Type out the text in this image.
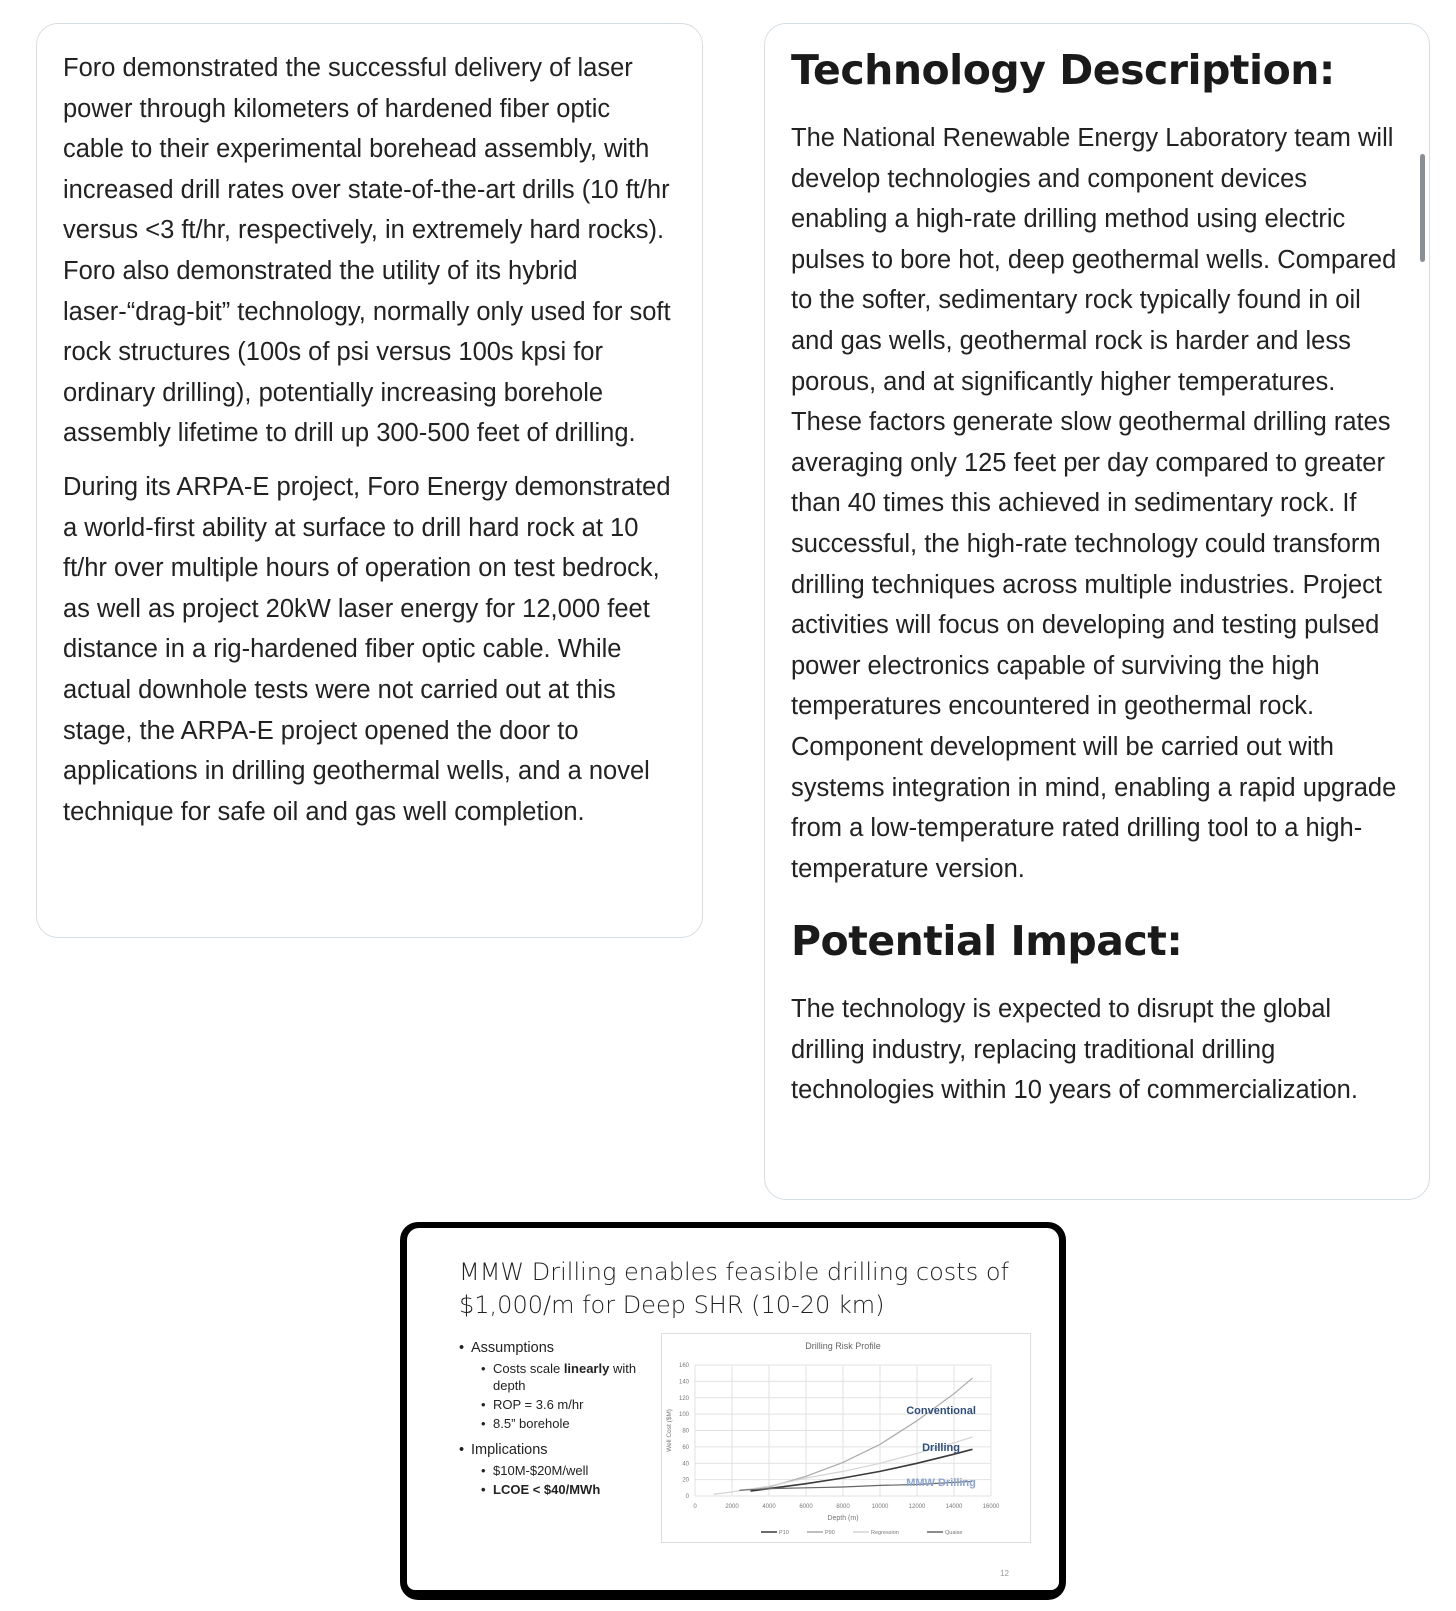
Foro demonstrated the successful delivery of laser power through kilometers of hardened fiber optic cable to their experimental borehead assembly, with increased drill rates over state-of-the-art drills (10 ft/hr versus <3 ft/hr, respectively, in extremely hard rocks). Foro also demonstrated the utility of its hybrid laser-“drag-bit” technology, normally only used for soft rock structures (100s of psi versus 100s kpsi for ordinary drilling), potentially increasing borehole assembly lifetime to drill up 300-500 feet of drilling.

During its ARPA-E project, Foro Energy demonstrated a world-first ability at surface to drill hard rock at 10 ft/hr over multiple hours of operation on test bedrock, as well as project 20kW laser energy for 12,000 feet distance in a rig-hardened fiber optic cable. While actual downhole tests were not carried out at this stage, the ARPA-E project opened the door to applications in drilling geothermal wells, and a novel technique for safe oil and gas well completion.

Technology Description:

The National Renewable Energy Laboratory team will develop technologies and component devices enabling a high-rate drilling method using electric pulses to bore hot, deep geothermal wells. Compared to the softer, sedimentary rock typically found in oil and gas wells, geothermal rock is harder and less porous, and at significantly higher temperatures. These factors generate slow geothermal drilling rates averaging only 125 feet per day compared to greater than 40 times this achieved in sedimentary rock. If successful, the high-rate technology could transform drilling techniques across multiple industries. Project activities will focus on developing and testing pulsed power electronics capable of surviving the high temperatures encountered in geothermal rock. Component development will be carried out with systems integration in mind, enabling a rapid upgrade from a low-temperature rated drilling tool to a high-temperature version.

Potential Impact:

The technology is expected to disrupt the global drilling industry, replacing traditional drilling technologies within 10 years of commercialization.

MMW Drilling enables feasible drilling costs of $1,000/m for Deep SHR (10-20 km)
• Assumptions
• Costs scale linearly with depth
• ROP = 3.6 m/hr
• 8.5” borehole
• Implications
• $10M-$20M/well
• LCOE < $40/MWh
Drilling Risk Profile
0	2000	4000	6000	8000	10000	12000	14000	16000
0
20
40
60
80
100
120
140
160
Well Cost ($M)
Depth (m)
Conventional
Drilling
MMW Drilling
P10	P90	Regression	Quaise
12
